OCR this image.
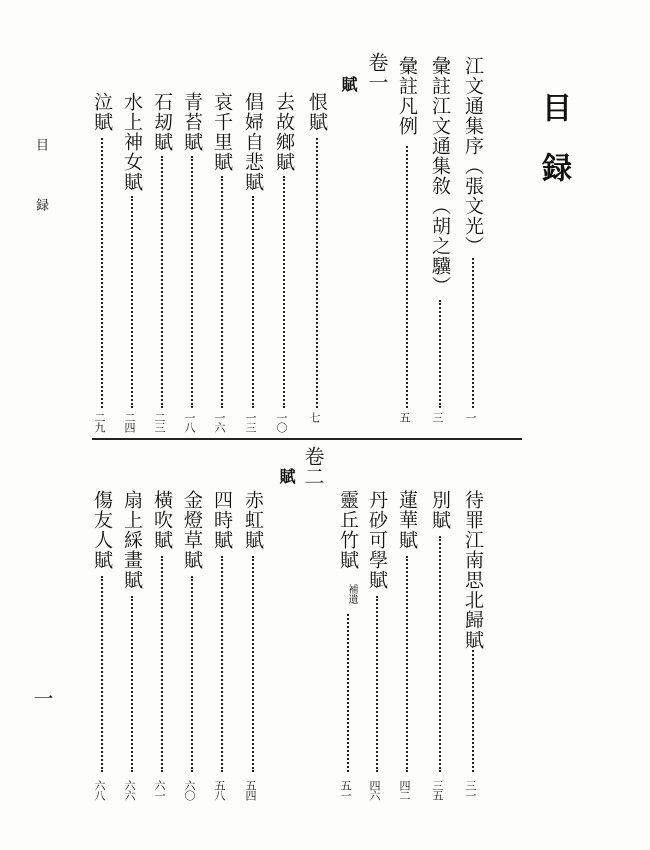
目　録
江文通集序（張文光）
一
彙註江文通集敘（胡之驥）
三
彙註凡例
五
卷一
賦
恨賦
七
去故鄉賦
一〇
倡婦自悲賦
一三
哀千里賦
一六
青苔賦
一八
石刼賦
二三
水上神女賦
二四
泣賦
二九
待罪江南思北歸賦
三一
別賦
三五
蓮華賦
四二
丹砂可學賦
四六
靈丘竹賦
補遺
五一
卷二
賦
赤虹賦
五四
四時賦
五八
金燈草賦
六〇
橫吹賦
六一
扇上綵畫賦
六六
傷友人賦
六八
目 録
一
